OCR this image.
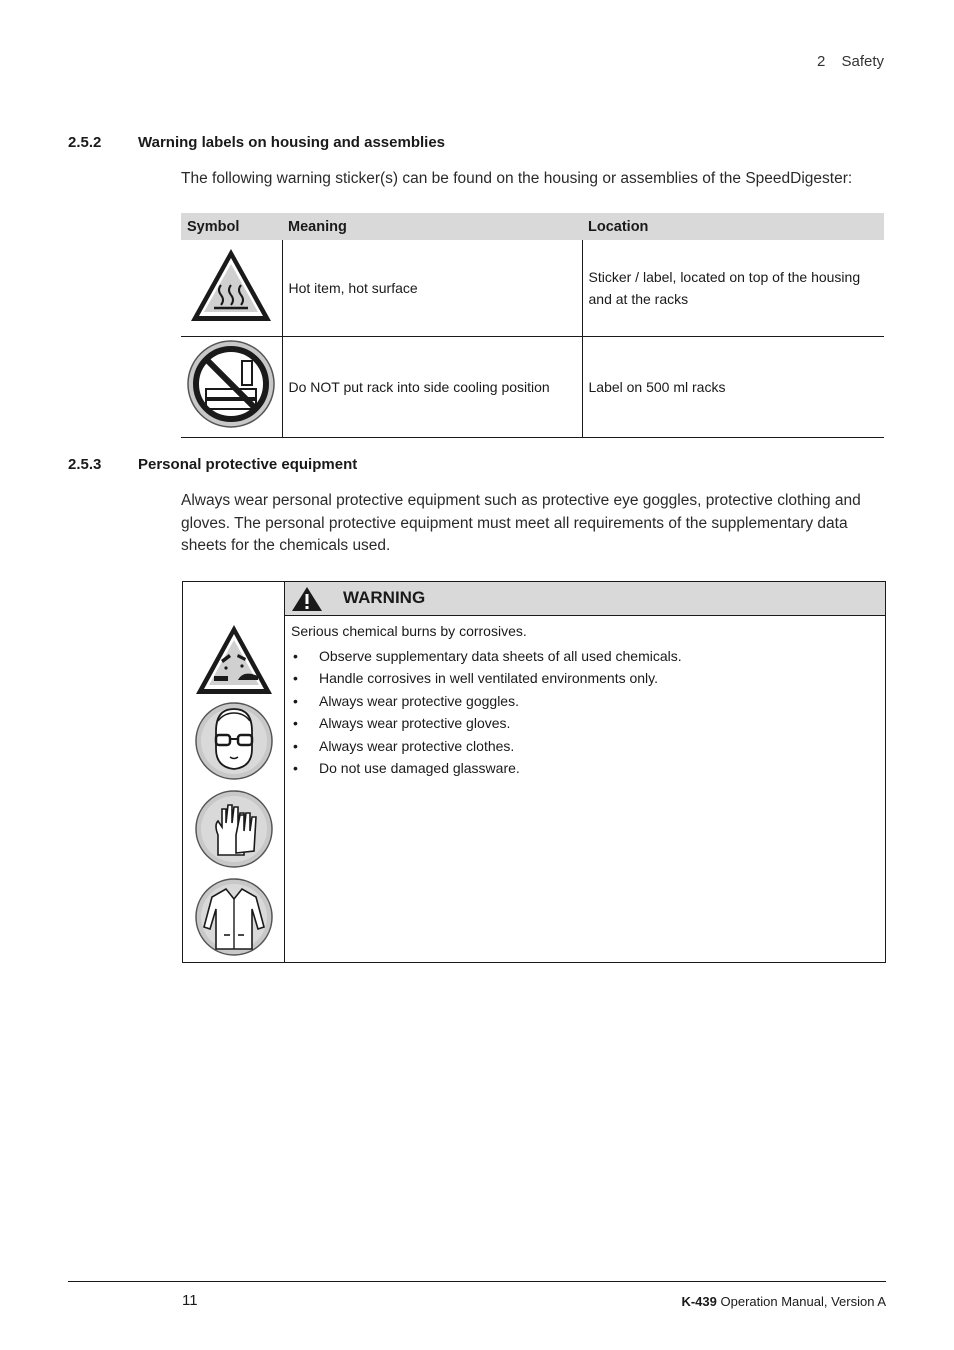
2 Safety
2.5.2 Warning labels on housing and assemblies
The following warning sticker(s) can be found on the housing or assemblies of the SpeedDigester:
Symbol	Meaning	Location
	Hot item, hot surface	Sticker / label, located on top of the housing and at the racks
	Do NOT put rack into side cooling position	Label on 500 ml racks
2.5.3 Personal protective equipment
Always wear personal protective equipment such as protective eye goggles, protective clothing and gloves. The personal protective equipment must meet all requirements of the supplementary data sheets for the chemicals used.
WARNING
Serious chemical burns by corrosives.
• Observe supplementary data sheets of all used chemicals.
• Handle corrosives in well ventilated environments only.
• Always wear protective goggles.
• Always wear protective gloves.
• Always wear protective clothes.
• Do not use damaged glassware.
11	K-439 Operation Manual, Version A
